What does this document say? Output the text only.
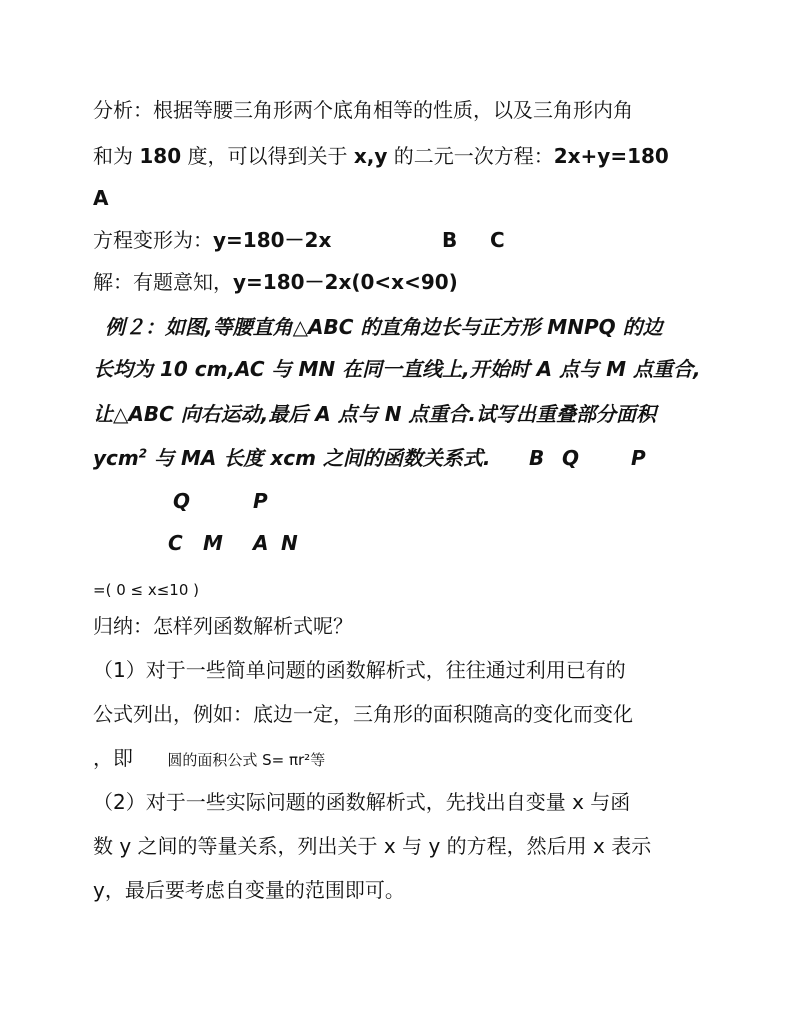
分析：根据等腰三角形两个底角相等的性质，以及三角形内角
和为 180 度，可以得到关于 x,y 的二元一次方程：2x+y=180
A
方程变形为：y=180－2x	B C
解：有题意知，y=180－2x(0<x<90)
例２：如图,等腰直角△ABC 的直角边长与正方形 MNPQ 的边
长均为 10 cm,AC 与 MN 在同一直线上,开始时 A 点与 M 点重合,
让△ABC 向右运动,最后 A 点与 N 点重合.试写出重叠部分面积
ycm$^2$ 与 MA 长度 xcm 之间的函数关系式. B Q	P
Q	P
C M A N
=( 0 ≤ x≤10 )
归纳：怎样列函数解析式呢？
（1）对于一些简单问题的函数解析式，往往通过利用已有的
公式列出，例如：底边一定，三角形的面积随高的变化而变化
，即 圆的面积公式 S= πr²等
（2）对于一些实际问题的函数解析式，先找出自变量 x 与函
数 y 之间的等量关系，列出关于 x 与 y 的方程，然后用 x 表示
y，最后要考虑自变量的范围即可。
